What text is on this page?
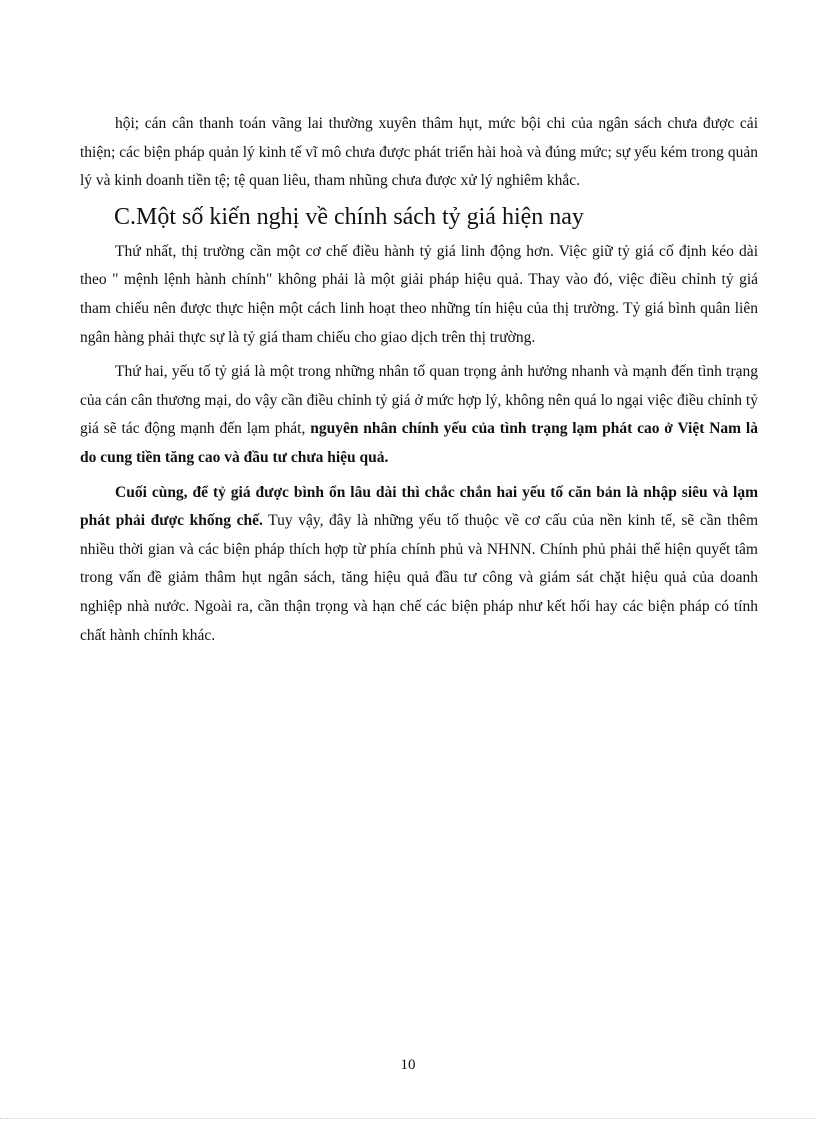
hội; cán cân thanh toán vãng lai thường xuyên thâm hụt, mức bội chi của ngân sách chưa được cải thiện; các biện pháp quản lý kinh tế vĩ mô chưa được phát triển hài hoà và đúng mức; sự yếu kém trong quản lý và kinh doanh tiền tệ; tệ quan liêu, tham nhũng chưa được xử lý nghiêm khắc.

C.Một số kiến nghị về chính sách tỷ giá hiện nay

Thứ nhất, thị trường cần một cơ chế điều hành tỷ giá linh động hơn. Việc giữ tỷ giá cố định kéo dài theo " mệnh lệnh hành chính" không phải là một giải pháp hiệu quả. Thay vào đó, việc điều chỉnh tỷ giá tham chiếu nên được thực hiện một cách linh hoạt theo những tín hiệu của thị trường. Tỷ giá bình quân liên ngân hàng phải thực sự là tỷ giá tham chiếu cho giao dịch trên thị trường.

Thứ hai, yếu tố tỷ giá là một trong những nhân tố quan trọng ảnh hưởng nhanh và mạnh đến tình trạng của cán cân thương mại, do vậy cần điều chỉnh tỷ giá ở mức hợp lý, không nên quá lo ngại việc điều chỉnh tỷ giá sẽ tác động mạnh đến lạm phát, nguyên nhân chính yếu của tình trạng lạm phát cao ở Việt Nam là do cung tiền tăng cao và đầu tư chưa hiệu quả.

Cuối cùng, để tỷ giá được bình ổn lâu dài thì chắc chắn hai yếu tố căn bản là nhập siêu và lạm phát phải được khống chế. Tuy vậy, đây là những yếu tố thuộc về cơ cấu của nền kinh tế, sẽ cần thêm nhiều thời gian và các biện pháp thích hợp từ phía chính phủ và NHNN. Chính phủ phải thể hiện quyết tâm trong vấn đề giảm thâm hụt ngân sách, tăng hiệu quả đầu tư công và giám sát chặt hiệu quả của doanh nghiệp nhà nước. Ngoài ra, cần thận trọng và hạn chế các biện pháp như kết hối hay các biện pháp có tính chất hành chính khác.

10
